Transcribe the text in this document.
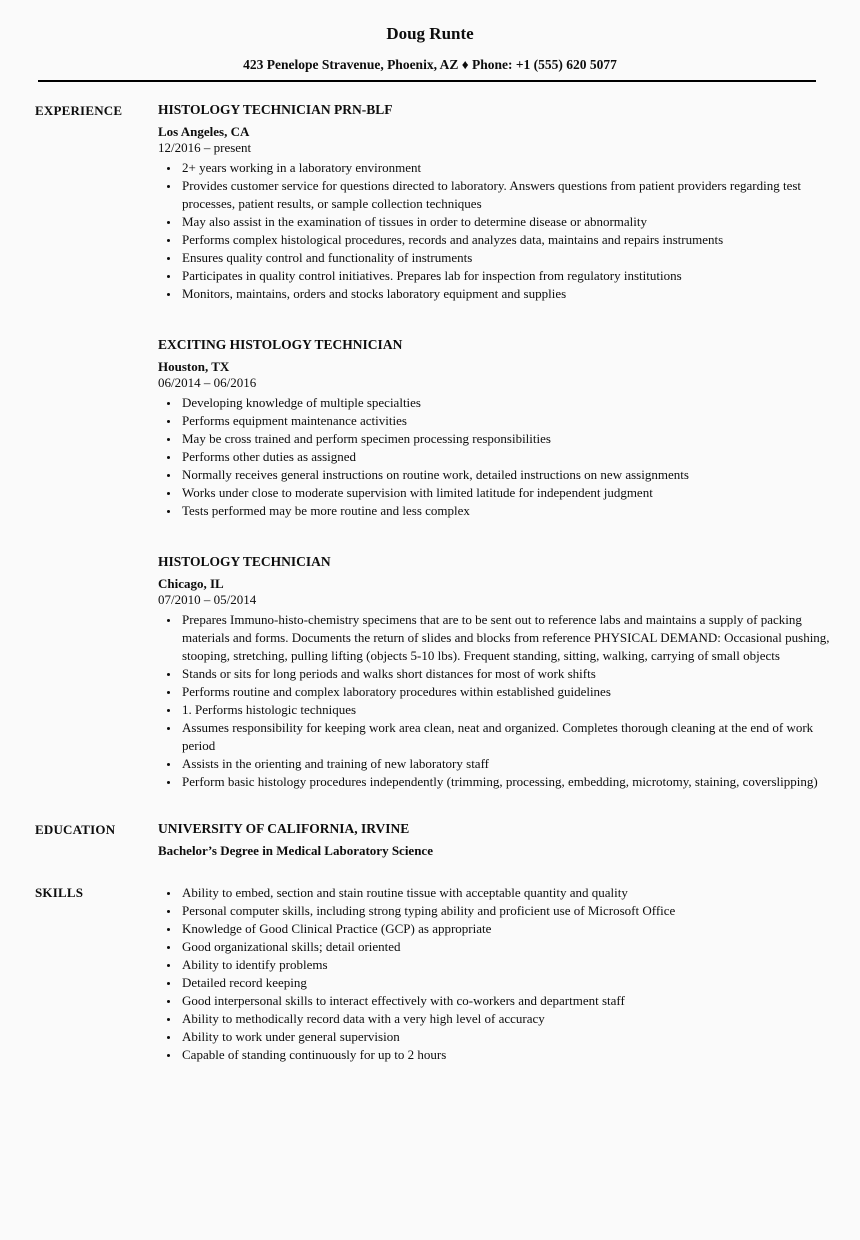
Doug Runte
423 Penelope Stravenue, Phoenix, AZ ♦ Phone: +1 (555) 620 5077
EXPERIENCE	HISTOLOGY TECHNICIAN PRN-BLF
Los Angeles, CA
12/2016 – present
• 2+ years working in a laboratory environment
• Provides customer service for questions directed to laboratory. Answers questions from patient providers regarding test processes, patient results, or sample collection techniques
• May also assist in the examination of tissues in order to determine disease or abnormality
• Performs complex histological procedures, records and analyzes data, maintains and repairs instruments
• Ensures quality control and functionality of instruments
• Participates in quality control initiatives. Prepares lab for inspection from regulatory institutions
• Monitors, maintains, orders and stocks laboratory equipment and supplies
EXCITING HISTOLOGY TECHNICIAN
Houston, TX
06/2014 – 06/2016
• Developing knowledge of multiple specialties
• Performs equipment maintenance activities
• May be cross trained and perform specimen processing responsibilities
• Performs other duties as assigned
• Normally receives general instructions on routine work, detailed instructions on new assignments
• Works under close to moderate supervision with limited latitude for independent judgment
• Tests performed may be more routine and less complex
HISTOLOGY TECHNICIAN
Chicago, IL
07/2010 – 05/2014
• Prepares Immuno-histo-chemistry specimens that are to be sent out to reference labs and maintains a supply of packing materials and forms. Documents the return of slides and blocks from reference PHYSICAL DEMAND: Occasional pushing, stooping, stretching, pulling lifting (objects 5-10 lbs). Frequent standing, sitting, walking, carrying of small objects
• Stands or sits for long periods and walks short distances for most of work shifts
• Performs routine and complex laboratory procedures within established guidelines
• 1. Performs histologic techniques
• Assumes responsibility for keeping work area clean, neat and organized. Completes thorough cleaning at the end of work period
• Assists in the orienting and training of new laboratory staff
• Perform basic histology procedures independently (trimming, processing, embedding, microtomy, staining, coverslipping)
EDUCATION	UNIVERSITY OF CALIFORNIA, IRVINE
Bachelor’s Degree in Medical Laboratory Science
SKILLS	• Ability to embed, section and stain routine tissue with acceptable quantity and quality
• Personal computer skills, including strong typing ability and proficient use of Microsoft Office
• Knowledge of Good Clinical Practice (GCP) as appropriate
• Good organizational skills; detail oriented
• Ability to identify problems
• Detailed record keeping
• Good interpersonal skills to interact effectively with co-workers and department staff
• Ability to methodically record data with a very high level of accuracy
• Ability to work under general supervision
• Capable of standing continuously for up to 2 hours
